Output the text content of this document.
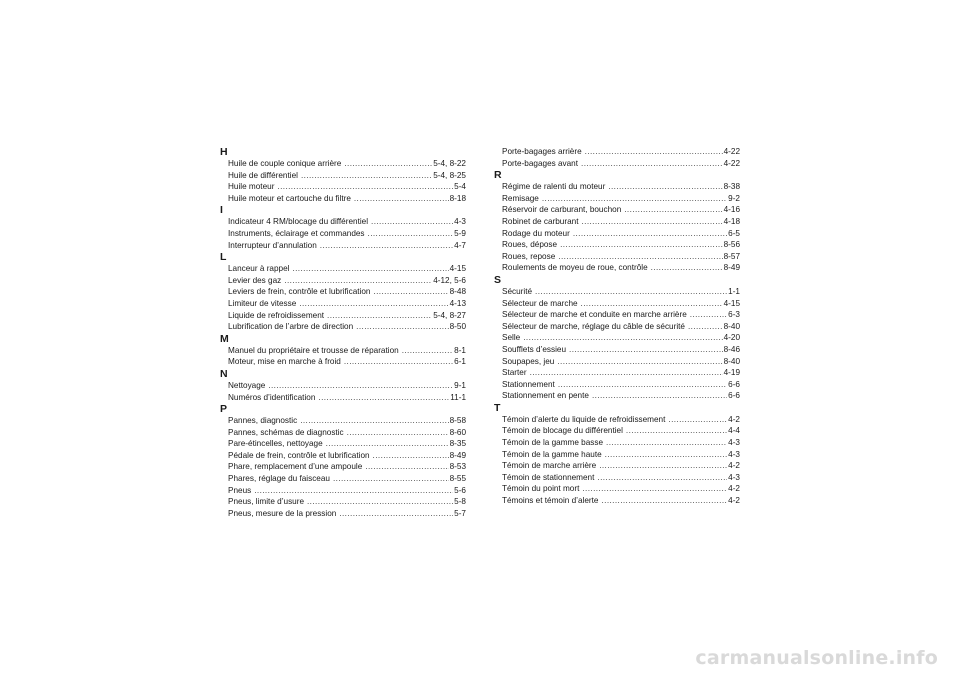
H
Huile de couple conique arrière .....	5-4, 8-22
Huile de différentiel .....	5-4, 8-25
Huile moteur .....	5-4
Huile moteur et cartouche du filtre .....	8-18
I
Indicateur 4 RM/blocage du différentiel .....	4-3
Instruments, éclairage et commandes .....	5-9
Interrupteur d’annulation .....	4-7
L
Lanceur à rappel .....	4-15
Levier des gaz .....	4-12, 5-6
Leviers de frein, contrôle et lubrification .....	8-48
Limiteur de vitesse .....	4-13
Liquide de refroidissement .....	5-4, 8-27
Lubrification de l’arbre de direction .....	8-50
M
Manuel du propriétaire et trousse de réparation .....	8-1
Moteur, mise en marche à froid .....	6-1
N
Nettoyage .....	9-1
Numéros d’identification .....	11-1
P
Pannes, diagnostic .....	8-58
Pannes, schémas de diagnostic .....	8-60
Pare-étincelles, nettoyage .....	8-35
Pédale de frein, contrôle et lubrification .....	8-49
Phare, remplacement d’une ampoule .....	8-53
Phares, réglage du faisceau .....	8-55
Pneus .....	5-6
Pneus, limite d’usure .....	5-8
Pneus, mesure de la pression .....	5-7
Porte-bagages arrière .....	4-22
Porte-bagages avant .....	4-22
R
Régime de ralenti du moteur .....	8-38
Remisage .....	9-2
Réservoir de carburant, bouchon .....	4-16
Robinet de carburant .....	4-18
Rodage du moteur .....	6-5
Roues, dépose .....	8-56
Roues, repose .....	8-57
Roulements de moyeu de roue, contrôle .....	8-49
S
Sécurité .....	1-1
Sélecteur de marche .....	4-15
Sélecteur de marche et conduite en marche arrière .....	6-3
Sélecteur de marche, réglage du câble de sécurité .....	8-40
Selle .....	4-20
Soufflets d’essieu .....	8-46
Soupapes, jeu .....	8-40
Starter .....	4-19
Stationnement .....	6-6
Stationnement en pente .....	6-6
T
Témoin d’alerte du liquide de refroidissement .....	4-2
Témoin de blocage du différentiel .....	4-4
Témoin de la gamme basse .....	4-3
Témoin de la gamme haute .....	4-3
Témoin de marche arrière .....	4-2
Témoin de stationnement .....	4-3
Témoin du point mort .....	4-2
Témoins et témoin d’alerte .....	4-2
carmanualsonline.info
